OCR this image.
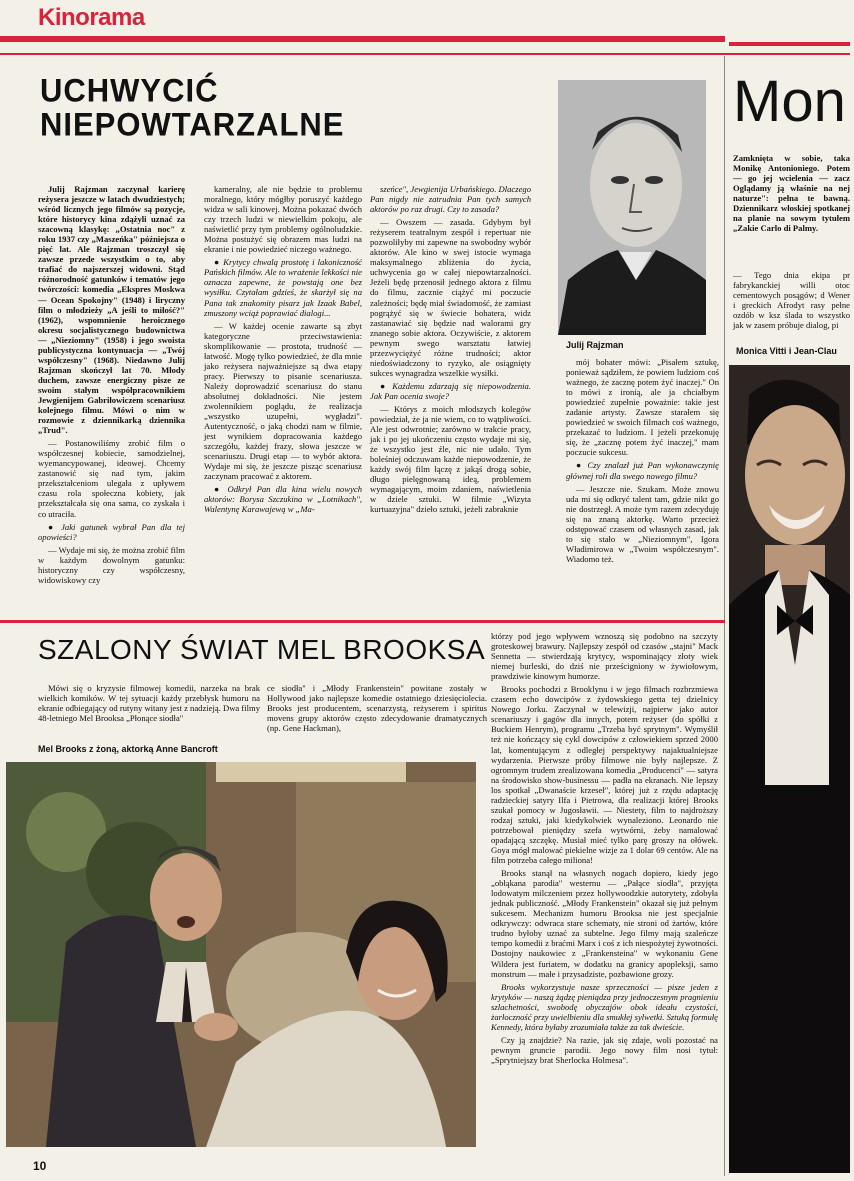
Kinorama
UCHWYCIĆ
NIEPOWTARZALNE

Julij Rajzman zaczynał karierę reżysera jeszcze w latach dwudziestych; wśród licznych jego filmów są pozycje, które historycy kina zdążyli uznać za szacowną klasykę: „Ostatnia noc" z roku 1937 czy „Maszeńka" późniejsza o pięć lat. Ale Rajzman troszczył się zawsze przede wszystkim o to, aby trafiać do najszerszej widowni. Stąd różnorodność gatunków i tematów jego twórczości: komedia „Ekspres Moskwa — Ocean Spokojny" (1948) i liryczny film o młodzieży „A jeśli to miłość?" (1962), wspomnienie heroicznego okresu socjalistycznego budownictwa — „Nieziomny" (1958) i jego swoista publicystyczna kontynuacja — „Twój współczesny" (1968). Niedawno Julij Rajzman skończył lat 70. Młody duchem, zawsze energiczny pisze ze swoim stałym współpracownikiem Jewgienijem Gabriłowiczem scenariusz kolejnego filmu. Mówi o nim w rozmowie z dziennikarką dziennika „Trud".

— Postanowiliśmy zrobić film o współczesnej kobiecie, samodzielnej, wyemancypowanej, ideowej. Chcemy zastanowić się nad tym, jakim przekształceniom ulegała z upływem czasu rola społeczna kobiety, jak przekształcała się ona sama, co zyskała i co utraciła.

● Jaki gatunek wybrał Pan dla tej opowieści?

— Wydaje mi się, że można zrobić film w każdym dowolnym gatunku: historyczny czy współczesny, widowiskowy czy

kameralny, ale nie będzie to problemu moralnego, który mógłby poruszyć każdego widza w sali kinowej. Można pokazać dwóch czy trzech ludzi w niewielkim pokoju, ale naświetlić przy tym problemy ogólnoludzkie. Można postużyć się obrazem mas ludzi na ekranie i nie powiedzieć niczego ważnego.

● Krytycy chwalą prostotę i lakoniczność Pańskich filmów. Ale to wrażenie lekkości nie oznacza zapewne, że powstają one bez wysiłku. Czytałam gdzieś, że skarżył się na Pana tak znakomity pisarz jak Izaak Babel, zmuszony wciąż poprawiać dialogi...

— W każdej ocenie zawarte są zbyt kategoryczne przeciwstawienia: skomplikowanie — prostota, trudność — łatwość. Mogę tylko powiedzieć, że dla mnie jako reżysera najważniejsze są dwa etapy pracy. Pierwszy to pisanie scenariusza. Należy doprowadzić scenariusz do stanu absolutnej dokładności. Nie jestem zwolennikiem poglądu, że realizacja „wszystko uzupełni, wygładzi". Autentyczność, o jaką chodzi nam w filmie, jest wynikiem dopracowania każdego szczegółu, każdej frazy, słowa jeszcze w scenariuszu. Drugi etap — to wybór aktora. Wydaje mi się, że jeszcze pisząc scenariusz zaczynam pracować z aktorem.

● Odkrył Pan dla kina wielu nowych aktorów: Borysa Szczukina w „Lotnikach", Walentynę Karawajewą w „Ma-

szeńce", Jewgienija Urbańskiego. Dlaczego Pan nigdy nie zatrudnia Pan tych samych aktorów po raz drugi. Czy to zasada?

— Owszem — zasada. Gdybym był reżyserem teatralnym zespół i repertuar nie pozwoliłyby mi zapewne na swobodny wybór aktorów. Ale kino w swej istocie wymaga maksymalnego zbliżenia do życia, uchwycenia go w całej niepowtarzalności. Jeżeli będę przenosił jednego aktora z filmu do filmu, zacznie ciążyć mi poczucie zależności; będę miał świadomość, że zamiast pogrążyć się w świecie bohatera, widz zastanawiać się będzie nad walorami gry znanego sobie aktora. Oczywiście, z aktorem pewnym swego warsztatu łatwiej przezwyciężyć różne trudności; aktor niedoświadczony to ryzyko, ale osiągnięty sukces wynagradza wszelkie wysiłki.

● Każdemu zdarzają się niepowodzenia. Jak Pan ocenia swoje?

— Którys z moich młodszych kolegów powiedział, że ja nie wiem, co to wątpliwości. Ale jest odwrotnie; zarówno w trakcie pracy, jak i po jej ukończeniu często wydaje mi się, że wszystko jest źle, nic nie udało. Tym boleśniej odczuwam każde niepowodzenie, że każdy swój film łączę z jakąś drogą sobie, długo pielęgnowaną ideą, problemem wymagającym, moim zdaniem, naświetlenia w dziele sztuki. W filmie „Wizyta kurtuazyjna" dzieło sztuki, jeżeli zabraknie

Julij Rajzman

mój bohater mówi: „Pisałem sztukę, ponieważ sądziłem, że powiem ludziom coś ważnego, że zacznę potem żyć inaczej." On to mówi z ironią, ale ja chciałbym powiedzieć zupełnie poważnie: takie jest zadanie artysty. Zawsze starałem się powiedzieć w swoich filmach coś ważnego, przekazać to ludziom. I jeżeli przekonuję się, że „zacznę potem żyć inaczej," mam poczucie sukcesu.

● Czy znalazł już Pan wykonawczynię głównej roli dla swego nowego filmu?

— Jeszcze nie. Szukam. Może znowu uda mi się odkryć talent tam, gdzie nikt go nie dostrzegł. A może tym razem zdecyduję się na znaną aktorkę. Warto przecież odstępować czasem od własnych zasad, jak to się stało w „Nieziomnym", Igora Władimirowa w „Twoim współczesnym". Wiadomo też.

Mon
Zamknięta w sobie, taka Monikę Antonioniego. Potem — go jej wcielenia — zacz Oglądamy ją właśnie na nej naturze": pełna te bawną. Dziennikarz włoskiej spotkanej na planie na sowym tytułem „Zakie Carlo di Palmy.
— Tego dnia ekipa pr fabrykanckiej willi otoc cementowych posągów; d Wener i greckich Afrodyt rasy pełne ozdób w ksz ślada to wszystko jak w zasem próbuje dialog, pi
Monica Vitti i Jean-Clau
SZALONY ŚWIAT MEL BROOKSA
Mówi się o kryzysie filmowej komedii, narzeka na brak wielkich komików. W tej sytuacji każdy przebłysk humoru na ekranie odbiegający od rutyny witany jest z nadzieją. Dwa filmy 48-letniego Mel Brooksa „Płonące siodła"
ce siodła" i „Młody Frankenstein" powitane zostały w Hollywood jako najlepsze komedie ostatniego dziesięciolecia. Brooks jest producentem, scenarzystą, reżyserem i spiritus movens grupy aktorów często zdecydowanie dramatycznych (np. Gene Hackman),
Mel Brooks z żoną, aktorką Anne Bancroft

którzy pod jego wpływem wznoszą się podobno na szczyty groteskowej brawury. Najlepszy zespół od czasów „stajni" Mack Sennetta — stwierdzają krytycy, wspominający złoty wiek niemej burleski, do dziś nie prześcigniony w żywiołowym, prawdziwie kinowym humorze.

Brooks pochodzi z Brooklynu i w jego filmach rozbrzmiewa czasem echo dowcipów z żydowskiego getta tej dzielnicy Nowego Jorku. Zaczynał w telewizji, najpierw jako autor scenariuszy i gagów dla innych, potem reżyser (do spółki z Buckiem Henrym), programu „Trzeba być sprytnym". Wymyślił też nie kończący się cykl dowcipów z człowiekiem sprzed 2000 lat, komentującym z odległej perspektywy najaktualniejsze wydarzenia. Pierwsze próby filmowe nie były najlepsze. Z ogromnym trudem zrealizowana komedia „Producenci" — satyra na środowisko show-businessu — padła na ekranach. Nie lepszy los spotkał „Dwanaście krzeseł", której już z rzędu adaptację radzieckiej satyry Ilfa i Pietrowa, dla realizacji której Brooks szukał pomocy w Jugosławii. — Niestety, film to najdroższy rodzaj sztuki, jaki kiedykolwiek wynaleziono. Leonardo nie potrzebował pieniędzy szefa wytwórni, żeby namalować opadającą szczękę. Musiał mieć tylko parę groszy na ołówek. Goya mógł malować piekielne wizje za 1 dolar 69 centów. Ale na film potrzeba całego miliona!

Brooks stanął na własnych nogach dopiero, kiedy jego „obłąkana parodia" westernu — „Pałące siodła", przyjęta lodowatym milczeniem przez hollywoodzkie autorytety, zdobyła jednak publiczność. „Młody Frankenstein" okazał się już pełnym sukcesem. Mechanizm humoru Brooksa nie jest specjalnie odkrywczy: odwraca stare schematy, nie stroni od żartów, które trudno byłoby uznać za subtelne. Jego filmy mają szaleńcze tempo komedii z braćmi Marx i coś z ich niespożytej żywotności. Dostojny naukowiec z „Frankensteina" w wykonaniu Gene Wildera jest furiatem, w dodatku na granicy apopleksji, samo monstrum — małe i przysadziste, pozbawione grozy.

Brooks wykorzystuje nasze sprzeczności — pisze jeden z krytyków — naszą żądzę pieniądza przy jednoczesnym pragnieniu szlachetności, swobodę obyczajów obok ideału czystości, żarłoczność przy uwielbieniu dla smukłej sylwetki. Sztuką formułę Kennedy, która byłaby zrozumiała także za tak dwieście.

Czy ją znajdzie? Na razie, jak się zdaje, woli pozostać na pewnym gruncie parodii. Jego nowy film nosi tytuł: „Sprytniejszy brat Sherlocka Holmesa".

10
